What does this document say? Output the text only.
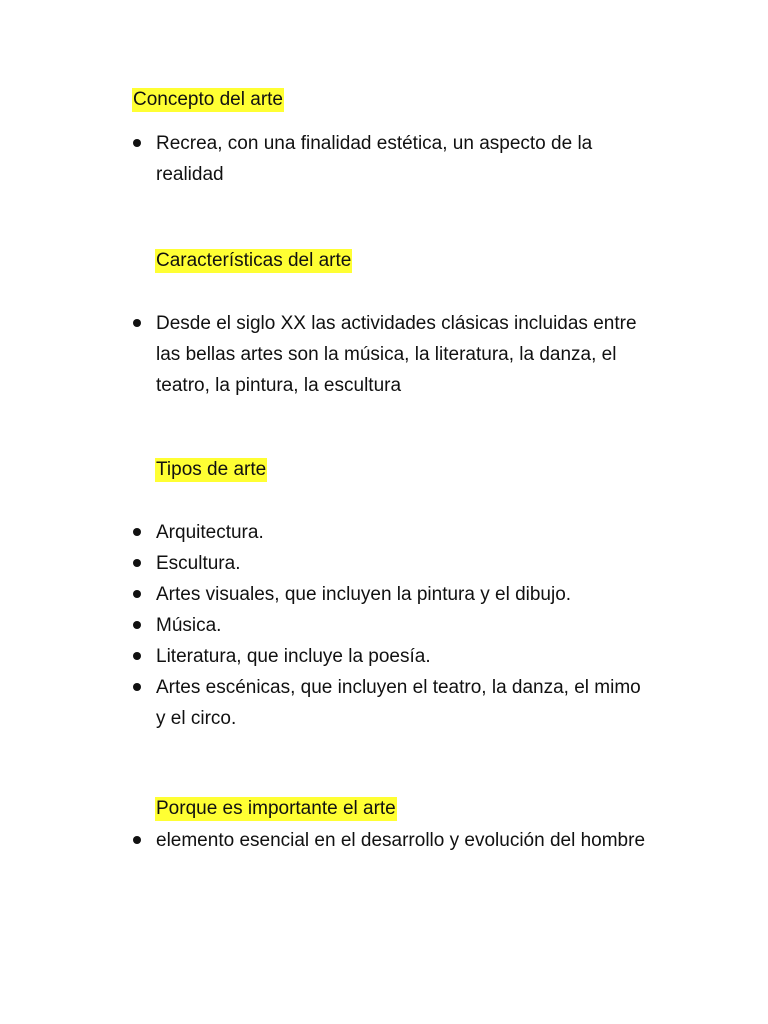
Concepto del arte
Recrea, con una finalidad estética, un aspecto de la realidad
Características del arte
Desde el siglo XX las actividades clásicas incluidas entre las bellas artes son la música, la literatura, la danza, el teatro, la pintura, la escultura
Tipos de arte
Arquitectura.
Escultura.
Artes visuales, que incluyen la pintura y el dibujo.
Música.
Literatura, que incluye la poesía.
Artes escénicas, que incluyen el teatro, la danza, el mimo y el circo.
Porque es importante el arte
elemento esencial en el desarrollo y evolución del hombre
